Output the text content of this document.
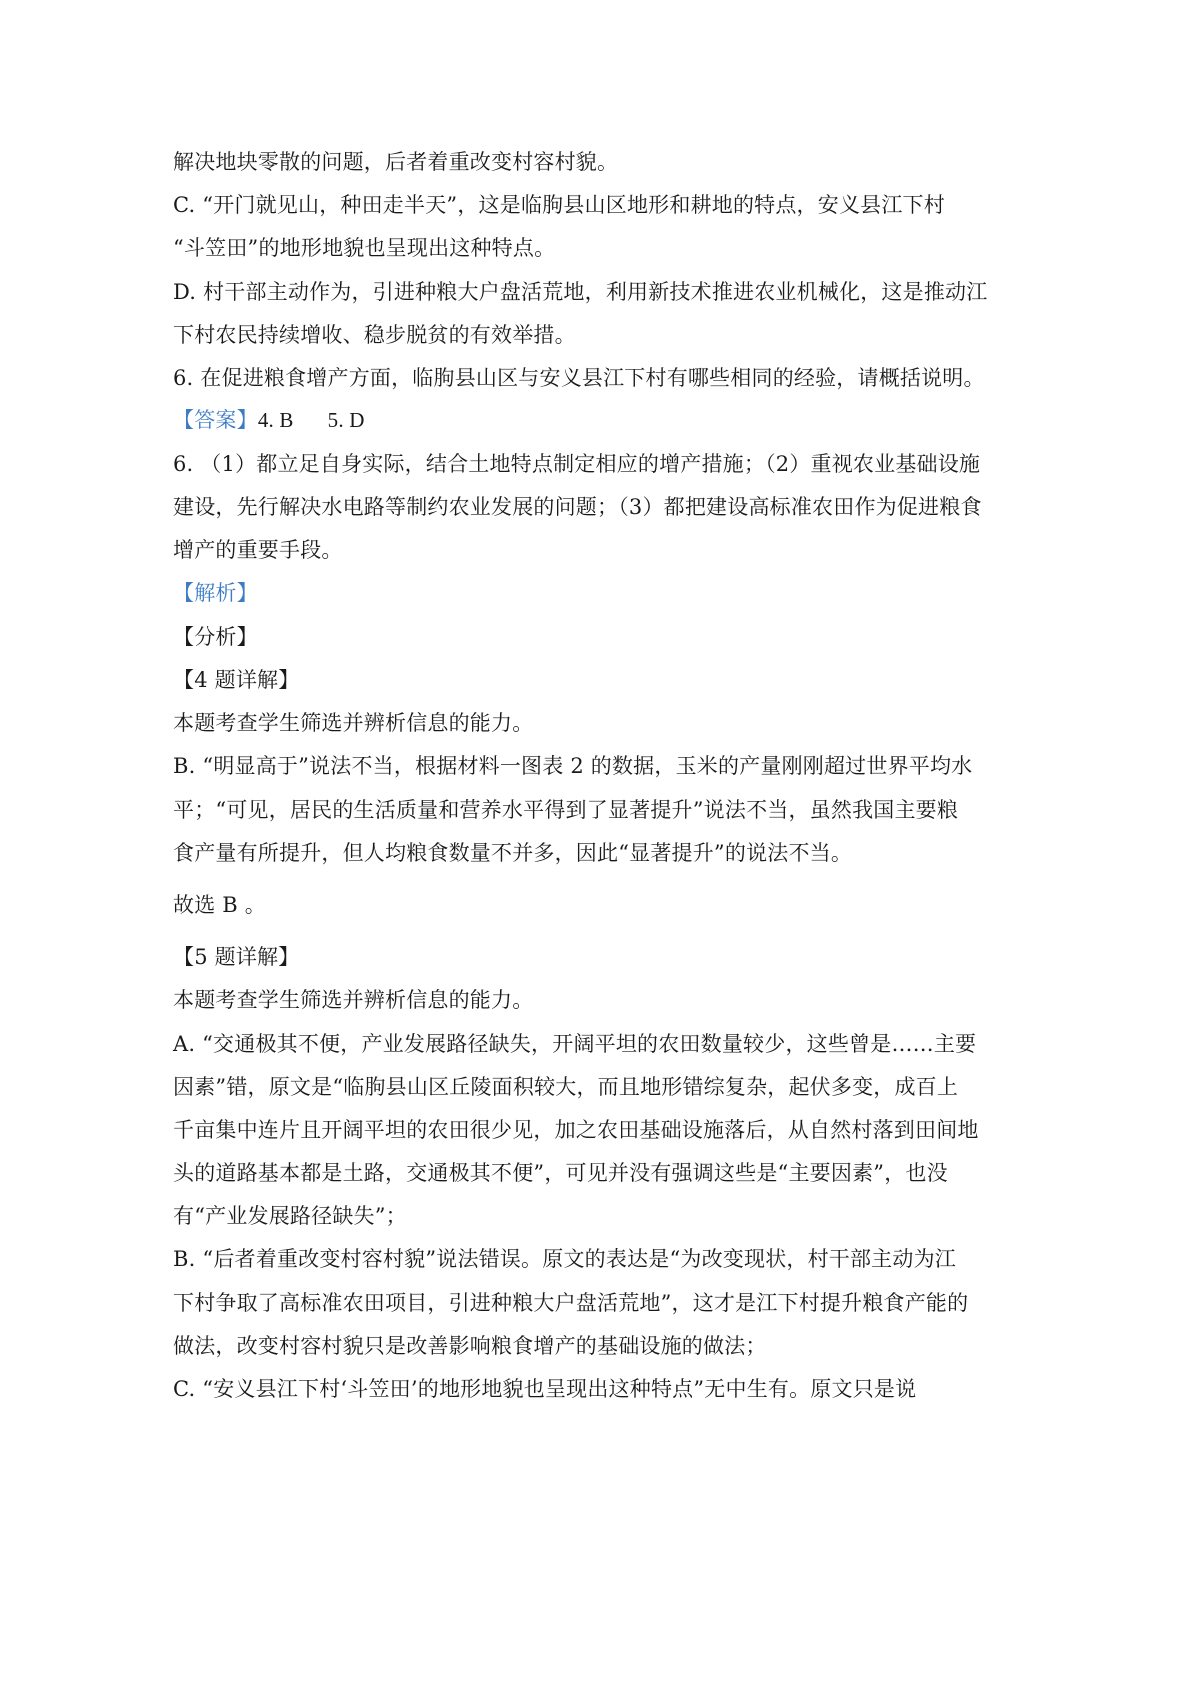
解决地块零散的问题，后者着重改变村容村貌。
C. “开门就见山，种田走半天”，这是临朐县山区地形和耕地的特点，安义县江下村
“斗笠田”的地形地貌也呈现出这种特点。
D. 村干部主动作为，引进种粮大户盘活荒地，利用新技术推进农业机械化，这是推动江
下村农民持续增收、稳步脱贫的有效举措。
6. 在促进粮食增产方面，临朐县山区与安义县江下村有哪些相同的经验，请概括说明。
【答案】4. B 5. D
6. （1）都立足自身实际，结合土地特点制定相应的增产措施；（2）重视农业基础设施
建设，先行解决水电路等制约农业发展的问题；（3）都把建设高标准农田作为促进粮食
增产的重要手段。
【解析】
【分析】
【4 题详解】
本题考查学生筛选并辨析信息的能力。
B. “明显高于”说法不当，根据材料一图表 2 的数据，玉米的产量刚刚超过世界平均水
平；“可见，居民的生活质量和营养水平得到了显著提升”说法不当，虽然我国主要粮
食产量有所提升，但人均粮食数量不并多，因此“显著提升”的说法不当。
故选 B 。
【5 题详解】
本题考查学生筛选并辨析信息的能力。
A. “交通极其不便，产业发展路径缺失，开阔平坦的农田数量较少，这些曾是……主要
因素”错，原文是“临朐县山区丘陵面积较大，而且地形错综复杂，起伏多变，成百上
千亩集中连片且开阔平坦的农田很少见，加之农田基础设施落后，从自然村落到田间地
头的道路基本都是土路，交通极其不便”，可见并没有强调这些是“主要因素”，也没
有“产业发展路径缺失”；
B. “后者着重改变村容村貌”说法错误。原文的表达是“为改变现状，村干部主动为江
下村争取了高标准农田项目，引进种粮大户盘活荒地”，这才是江下村提升粮食产能的
做法，改变村容村貌只是改善影响粮食增产的基础设施的做法；
C. “安义县江下村‘斗笠田’的地形地貌也呈现出这种特点”无中生有。原文只是说
